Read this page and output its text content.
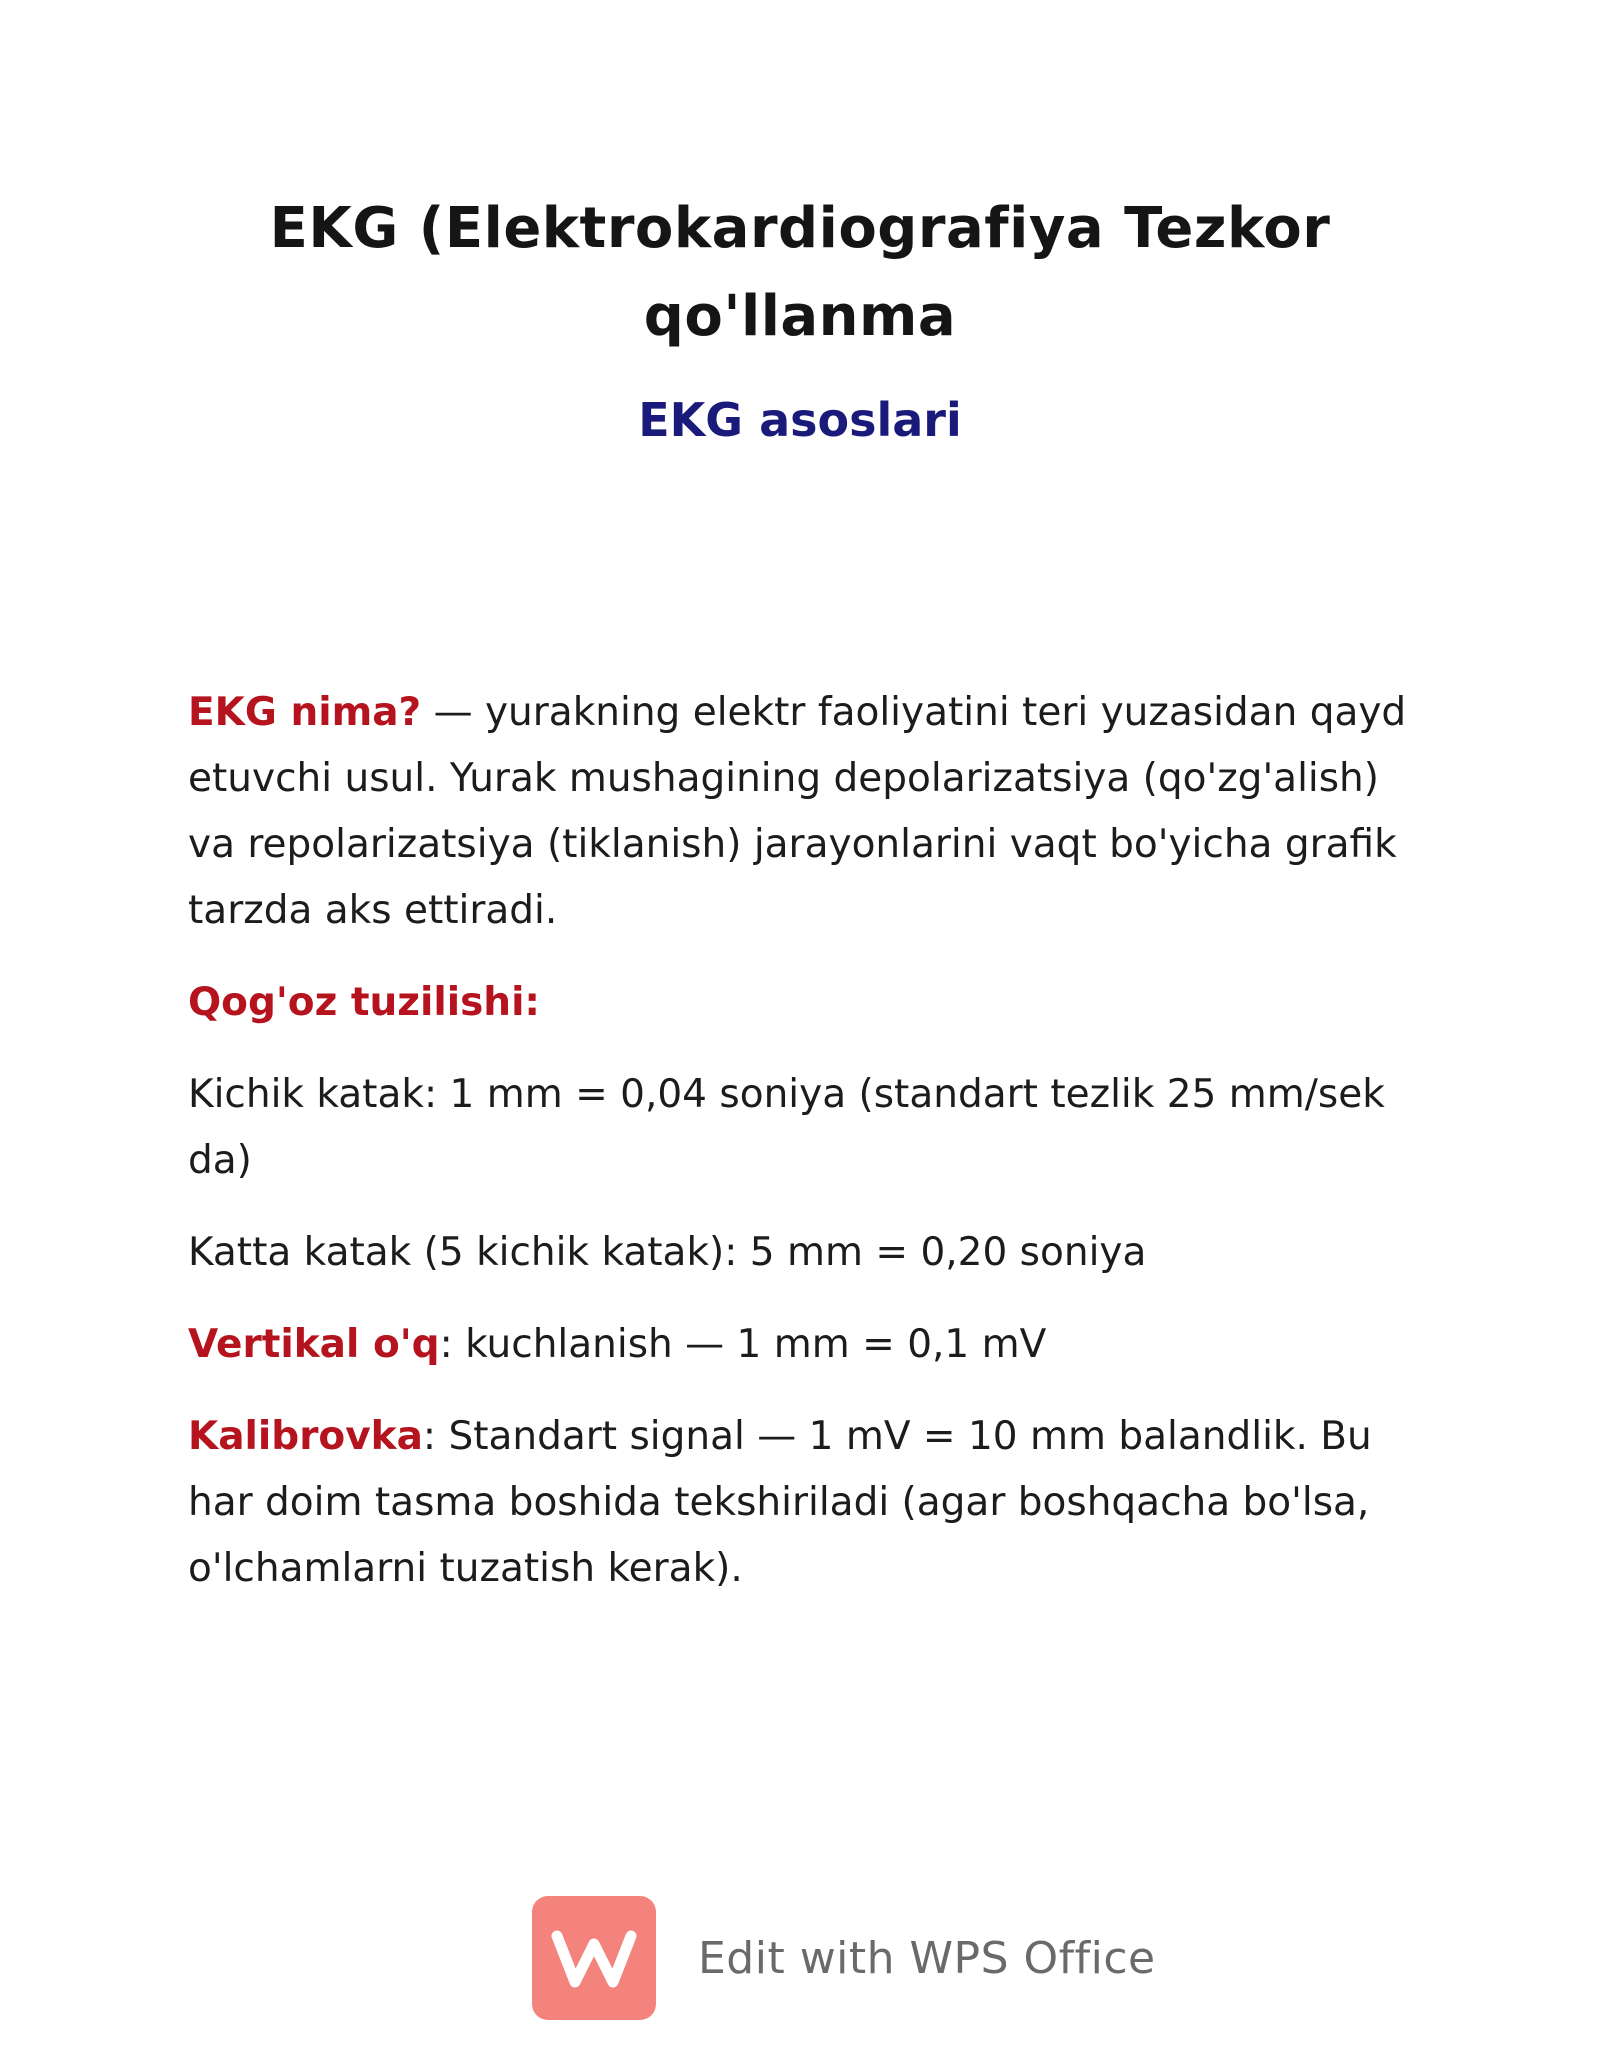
EKG (Elektrokardiografiya Tezkor
qo'llanma
EKG asoslari

EKG nima? — yurakning elektr faoliyatini teri yuzasidan qayd etuvchi usul. Yurak mushagining depolarizatsiya (qo'zg'alish) va repolarizatsiya (tiklanish) jarayonlarini vaqt bo'yicha grafik tarzda aks ettiradi.

Qog'oz tuzilishi:

Kichik katak: 1 mm = 0,04 soniya (standart tezlik 25 mm/sek da)

Katta katak (5 kichik katak): 5 mm = 0,20 soniya

Vertikal o'q: kuchlanish — 1 mm = 0,1 mV

Kalibrovka: Standart signal — 1 mV = 10 mm balandlik. Bu har doim tasma boshida tekshiriladi (agar boshqacha bo'lsa, o'lchamlarni tuzatish kerak).

Edit with WPS Office
